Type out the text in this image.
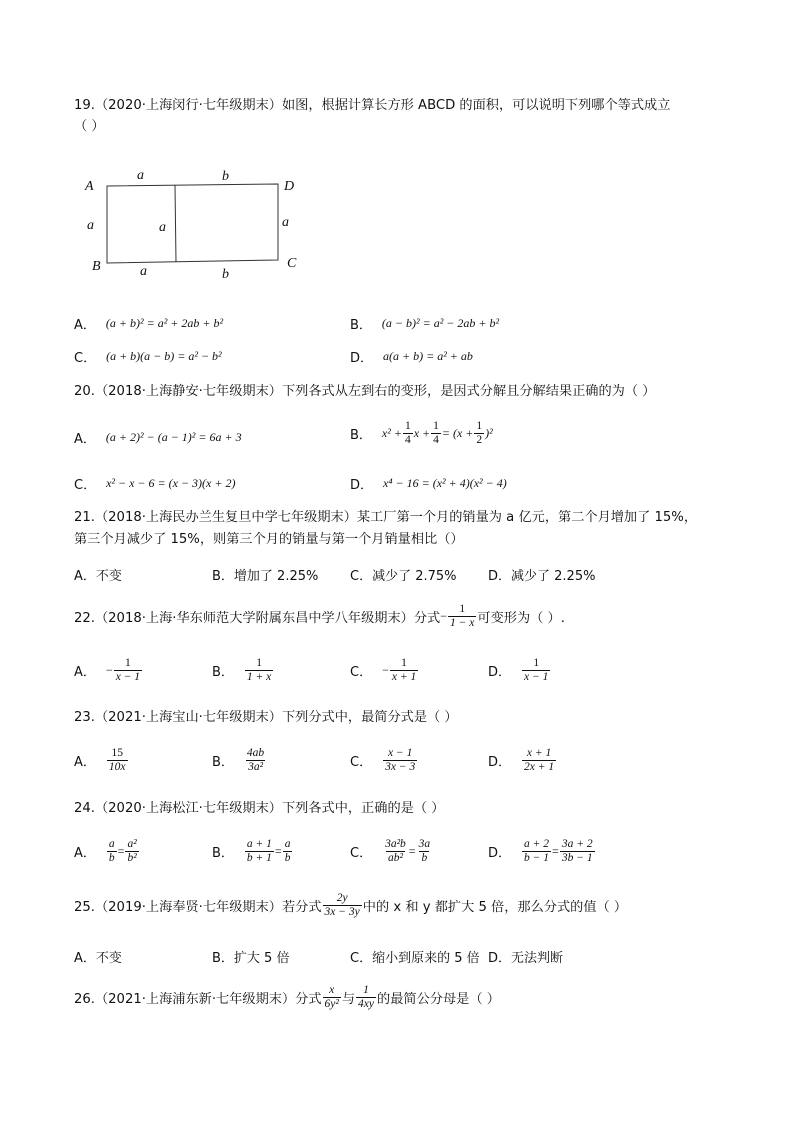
19.（2020·上海闵行·七年级期末）如图，根据计算长方形 ABCD 的面积，可以说明下列哪个等式成立
（ ）
A	D
B	C
a	b
a	a	a
a	b
A． (a + b)² = a² + 2ab + b²	B． (a − b)² = a² − 2ab + b²
C． (a + b)(a − b) = a² − b²	D． a(a + b) = a² + ab
20.（2018·上海静安·七年级期末）下列各式从左到右的变形，是因式分解且分解结果正确的为（ ）
A． (a + 2)² − (a − 1)² = 6a + 3	B． $x^2 + \frac{1}{4}$ $x + \frac{1}{4} = (x + \frac{1}{2} )^2$
C． x² − x − 6 = (x − 3)(x + 2)	D． x⁴ − 16 = (x² + 4)(x² − 4)
21.（2018·上海民办兰生复旦中学七年级期末）某工厂第一个月的销量为 a 亿元，第二个月增加了 15%，
第三个月减少了 15%，则第三个月的销量与第一个月销量相比（）
A．不变	B．增加了 2.25% C．减少了 2.75% D．减少了 2.25%
22.（2018·上海·华东师范大学附属东昌中学八年级期末）分式 − $\frac{1}{1 - x}$ 可变形为（ ）.
A． − $\frac{1}{x - 1}$	B． $\frac{1}{1 + x}$	C． − $\frac{1}{x + 1}$	D． $\frac{1}{x - 1}$
23.（2021·上海宝山·七年级期末）下列分式中，最简分式是（ ）
A． $\frac{15}{10x}$	B． $\frac{4ab}{\text{3a²}}$	C． $\frac{x - 1}{3x - 3}$	D． $\frac{x + 1}{2x + 1}$
24.（2020·上海松江·七年级期末）下列各式中，正确的是（ ）
A． $\frac{a}{b} = \frac{\text{a²}}{\text{b²}}$	B． $\frac{a + 1}{b + 1} = \frac{a}{b}$	C． $\frac{\text{3a²b}}{\text{ab²}} = \frac{3a}{b}$	D． $\frac{a + 2}{b - 1} = \frac{3a + 2}{3b - 1}$
25.（2019·上海奉贤·七年级期末）若分式 $\frac{2y}{3x - 3y}$ 中的 x 和 y 都扩大 5 倍，那么分式的值（ ）
A．不变	B．扩大 5 倍	C．缩小到原来的 5 倍 D．无法判断
26.（2021·上海浦东新·七年级期末）分式 $\frac{x}{\text{6y²}}$ 与 $\frac{1}{4xy}$ 的最简公分母是（ ）
